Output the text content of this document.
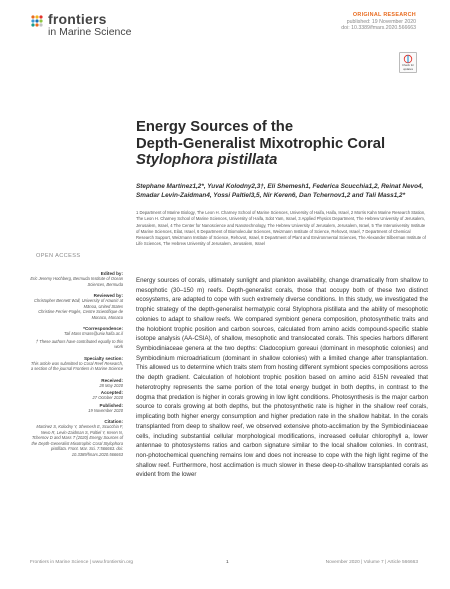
frontiers
in Marine Science
ORIGINAL RESEARCH
published: 19 November 2020
doi: 10.3389/fmars.2020.566663
Check for updates
Energy Sources of the
Depth-Generalist Mixotrophic Coral
Stylophora pistillata
Stephane Martinez1,2*, Yuval Kolodny2,3†, Eli Shemesh1, Federica Scucchia1,2, Reinat Nevo4, Smadar Levin-Zaidman4, Yossi Paltiel3,5, Nir Keren6, Dan Tchernov1,2 and Tali Mass1,2*
1 Department of Marine Biology, The Leon H. Charney School of Marine Sciences, University of Haifa, Haifa, Israel, 2 Morris Kahn Marine Research Station, The Leon H. Charney School of Marine Sciences, University of Haifa, Sdot Yam, Israel, 3 Applied Physics Department, The Hebrew University of Jerusalem, Jerusalem, Israel, 4 The Center for Nanoscience and Nanotechnology, The Hebrew University of Jerusalem, Jerusalem, Israel, 5 The Interuniversity Institute of Marine Sciences, Eilat, Israel, 6 Department of Biomolecular Sciences, Weizmann Institute of Science, Rehovot, Israel, 7 Department of Chemical Research Support, Weizmann Institute of Science, Rehovot, Israel, 8 Department of Plant and Environmental Sciences, The Alexander Silberman Institute of Life Sciences, The Hebrew University of Jerusalem, Jerusalem, Israel
OPEN ACCESS
Edited by:
Eric Jeremy Hochberg, Bermuda Institute of Ocean Sciences, Bermuda
Reviewed by:
Christopher Bennett Wall, University of Hawai'i at Mānoa, United States
Christine Ferrier-Pagès, Centre Scientifique de Monaco, Monaco
*Correspondence:
Tali Mass tmass@univ.haifa.ac.il
† These authors have contributed equally to this work
Specialty section:
This article was submitted to Coral Reef Research, a section of the journal Frontiers in Marine Science
Received:
28 May 2020
Accepted:
27 October 2020
Published:
19 November 2020
Citation:
Martinez S, Kolodny Y, Shemesh E, Scucchia F, Nevo R, Levin-Zaidman S, Paltiel Y, Keren N, Tchernov D and Mass T (2020) Energy Sources of the Depth-Generalist Mixotrophic Coral Stylophora pistillata. Front. Mar. Sci. 7:566663. doi: 10.3389/fmars.2020.566663
Energy sources of corals, ultimately sunlight and plankton availability, change dramatically from shallow to mesophotic (30–150 m) reefs. Depth-generalist corals, those that occupy both of these two distinct ecosystems, are adapted to cope with such extremely diverse conditions. In this study, we investigated the trophic strategy of the depth-generalist hermatypic coral Stylophora pistillata and the ability of mesophotic colonies to adapt to shallow reefs. We compared symbiont genera composition, photosynthetic traits and the holobiont trophic position and carbon sources, calculated from amino acids compound-specific stable isotope analysis (AA-CSIA), of shallow, mesophotic and translocated corals. This species harbors different Symbiodiniaceae genera at the two depths: Cladocopium goreaui (dominant in mesophotic colonies) and Symbiodinium microadriaticum (dominant in shallow colonies) with a limited change after transplantation. This allowed us to determine which traits stem from hosting different symbiont species compositions across the depth gradient. Calculation of holobiont trophic position based on amino acid δ15N revealed that heterotrophy represents the same portion of the total energy budget in both depths, in contrast to the dogma that predation is higher in corals growing in low light conditions. Photosynthesis is the major carbon source to corals growing at both depths, but the photosynthetic rate is higher in the shallow reef corals, implicating both higher energy consumption and higher predation rate in the shallow habitat. In the corals transplanted from deep to shallow reef, we observed extensive photo-acclimation by the Symbiodiniaceae cells, including substantial cellular morphological modifications, increased cellular chlorophyll a, lower antennae to photosystems ratios and carbon signature similar to the local shallow colonies. In contrast, non-photochemical quenching remains low and does not increase to cope with the high light regime of the shallow reef. Furthermore, host acclimation is much slower in these deep-to-shallow transplanted corals as evident from the lower
Frontiers in Marine Science | www.frontiersin.org	1	November 2020 | Volume 7 | Article 566663
